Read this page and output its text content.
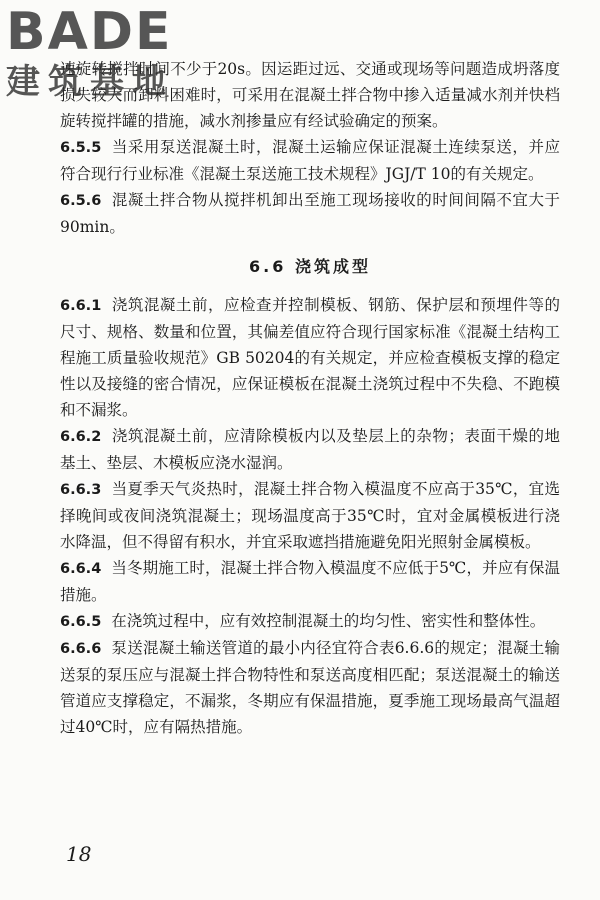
BADE
建筑基地

速旋转搅拌时间不少于20s。因运距过远、交通或现场等问题造成坍落度损失较大而卸料困难时，可采用在混凝土拌合物中掺入适量减水剂并快档旋转搅拌罐的措施，减水剂掺量应有经试验确定的预案。

6.5.5 当采用泵送混凝土时，混凝土运输应保证混凝土连续泵送，并应符合现行行业标准《混凝土泵送施工技术规程》JGJ/T 10的有关规定。

6.5.6 混凝土拌合物从搅拌机卸出至施工现场接收的时间间隔不宜大于90min。

6.6 浇筑成型

6.6.1 浇筑混凝土前，应检查并控制模板、钢筋、保护层和预埋件等的尺寸、规格、数量和位置，其偏差值应符合现行国家标准《混凝土结构工程施工质量验收规范》GB 50204的有关规定，并应检查模板支撑的稳定性以及接缝的密合情况，应保证模板在混凝土浇筑过程中不失稳、不跑模和不漏浆。

6.6.2 浇筑混凝土前，应清除模板内以及垫层上的杂物；表面干燥的地基土、垫层、木模板应浇水湿润。

6.6.3 当夏季天气炎热时，混凝土拌合物入模温度不应高于35℃，宜选择晚间或夜间浇筑混凝土；现场温度高于35℃时，宜对金属模板进行浇水降温，但不得留有积水，并宜采取遮挡措施避免阳光照射金属模板。

6.6.4 当冬期施工时，混凝土拌合物入模温度不应低于5℃，并应有保温措施。

6.6.5 在浇筑过程中，应有效控制混凝土的均匀性、密实性和整体性。

6.6.6 泵送混凝土输送管道的最小内径宜符合表6.6.6的规定；混凝土输送泵的泵压应与混凝土拌合物特性和泵送高度相匹配；泵送混凝土的输送管道应支撑稳定，不漏浆，冬期应有保温措施，夏季施工现场最高气温超过40℃时，应有隔热措施。

18
